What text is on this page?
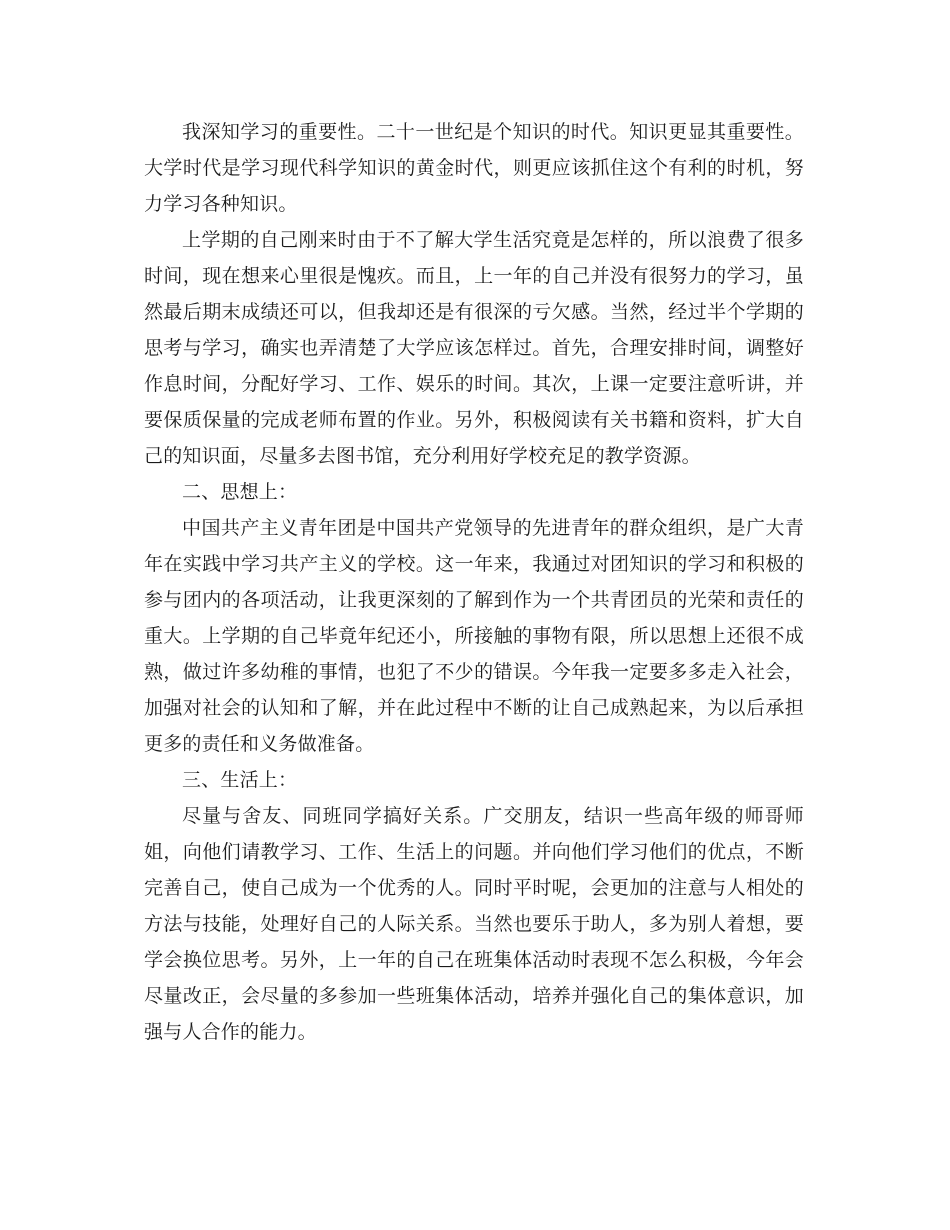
我深知学习的重要性。二十一世纪是个知识的时代。知识更显其重要性。大学时代是学习现代科学知识的黄金时代，则更应该抓住这个有利的时机，努力学习各种知识。

上学期的自己刚来时由于不了解大学生活究竟是怎样的，所以浪费了很多时间，现在想来心里很是愧疚。而且，上一年的自己并没有很努力的学习，虽然最后期末成绩还可以，但我却还是有很深的亏欠感。当然，经过半个学期的思考与学习，确实也弄清楚了大学应该怎样过。首先，合理安排时间，调整好作息时间，分配好学习、工作、娱乐的时间。其次，上课一定要注意听讲，并要保质保量的完成老师布置的作业。另外，积极阅读有关书籍和资料，扩大自己的知识面，尽量多去图书馆，充分利用好学校充足的教学资源。

二、思想上：

中国共产主义青年团是中国共产党领导的先进青年的群众组织，是广大青年在实践中学习共产主义的学校。这一年来，我通过对团知识的学习和积极的参与团内的各项活动，让我更深刻的了解到作为一个共青团员的光荣和责任的重大。上学期的自己毕竟年纪还小，所接触的事物有限，所以思想上还很不成熟，做过许多幼稚的事情，也犯了不少的错误。今年我一定要多多走入社会，加强对社会的认知和了解，并在此过程中不断的让自己成熟起来，为以后承担更多的责任和义务做准备。

三、生活上：

尽量与舍友、同班同学搞好关系。广交朋友，结识一些高年级的师哥师姐，向他们请教学习、工作、生活上的问题。并向他们学习他们的优点，不断完善自己，使自己成为一个优秀的人。同时平时呢，会更加的注意与人相处的方法与技能，处理好自己的人际关系。当然也要乐于助人，多为别人着想，要学会换位思考。另外，上一年的自己在班集体活动时表现不怎么积极，今年会尽量改正，会尽量的多参加一些班集体活动，培养并强化自己的集体意识，加强与人合作的能力。
